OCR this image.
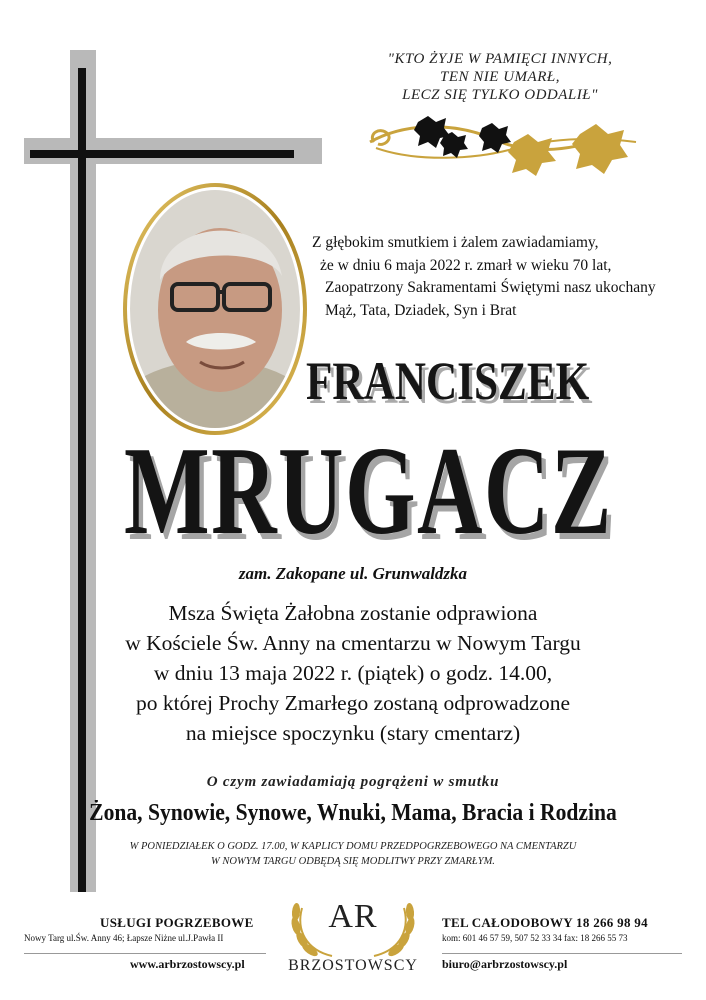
"KTO ŻYJE W PAMIĘCI INNYCH,
TEN NIE UMARŁ,
LECZ SIĘ TYLKO ODDALIŁ"
Z głębokim smutkiem i żalem zawiadamiamy,
że w dniu 6 maja 2022 r. zmarł w wieku 70 lat,
Zaopatrzony Sakramentami Świętymi nasz ukochany
Mąż, Tata, Dziadek, Syn i Brat
FRANCISZEK
MRUGACZ
zam. Zakopane ul. Grunwaldzka
Msza Święta Żałobna zostanie odprawiona
w Kościele Św. Anny na cmentarzu w Nowym Targu
w dniu 13 maja 2022 r. (piątek) o godz. 14.00,
po której Prochy Zmarłego zostaną odprowadzone
na miejsce spoczynku (stary cmentarz)
O czym zawiadamiają pogrążeni w smutku
Żona, Synowie, Synowe, Wnuki, Mama, Bracia i Rodzina
W PONIEDZIAŁEK O GODZ. 17.00, W KAPLICY DOMU PRZEDPOGRZEBOWEGO NA CMENTARZU
W NOWYM TARGU ODBĘDĄ SIĘ MODLITWY PRZY ZMARŁYM.
USŁUGI POGRZEBOWE
Nowy Targ ul.Św. Anny 46; Łapsze Niżne ul.J.Pawła II
www.arbrzostowscy.pl
AR
BRZOSTOWSCY
TEL CAŁODOBOWY 18 266 98 94
kom: 601 46 57 59, 507 52 33 34 fax: 18 266 55 73
biuro@arbrzostowscy.pl
